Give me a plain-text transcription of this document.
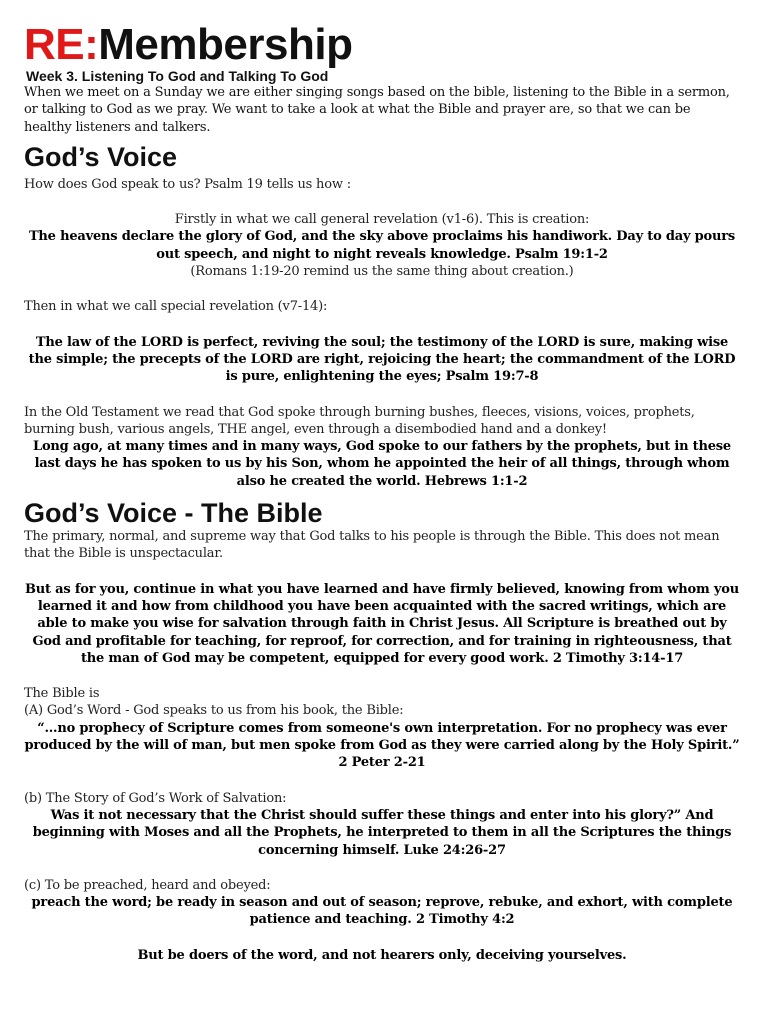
RE:Membership

Week 3. Listening To God and Talking To God

When we meet on a Sunday we are either singing songs based on the bible, listening to the Bible in a sermon, or talking to God as we pray. We want to take a look at what the Bible and prayer are, so that we can be healthy listeners and talkers.

God’s Voice

How does God speak to us? Psalm 19 tells us how :

Firstly in what we call general revelation (v1-6). This is creation:

The heavens declare the glory of God, and the sky above proclaims his handiwork. Day to day pours out speech, and night to night reveals knowledge. Psalm 19:1-2

(Romans 1:19-20 remind us the same thing about creation.)

Then in what we call special revelation (v7-14):

The law of the LORD is perfect, reviving the soul; the testimony of the LORD is sure, making wise the simple; the precepts of the LORD are right, rejoicing the heart; the commandment of the LORD is pure, enlightening the eyes; Psalm 19:7-8

In the Old Testament we read that God spoke through burning bushes, fleeces, visions, voices, prophets, burning bush, various angels, THE angel, even through a disembodied hand and a donkey!

Long ago, at many times and in many ways, God spoke to our fathers by the prophets, but in these last days he has spoken to us by his Son, whom he appointed the heir of all things, through whom also he created the world. Hebrews 1:1-2

God’s Voice - The Bible

The primary, normal, and supreme way that God talks to his people is through the Bible. This does not mean that the Bible is unspectacular.

But as for you, continue in what you have learned and have firmly believed, knowing from whom you learned it and how from childhood you have been acquainted with the sacred writings, which are able to make you wise for salvation through faith in Christ Jesus. All Scripture is breathed out by God and profitable for teaching, for reproof, for correction, and for training in righteousness, that the man of God may be competent, equipped for every good work. 2 Timothy 3:14-17

The Bible is

(A) God’s Word - God speaks to us from his book, the Bible:

“…no prophecy of Scripture comes from someone's own interpretation. For no prophecy was ever produced by the will of man, but men spoke from God as they were carried along by the Holy Spirit.” 2 Peter 2-21

(b) The Story of God’s Work of Salvation:

Was it not necessary that the Christ should suffer these things and enter into his glory?” And beginning with Moses and all the Prophets, he interpreted to them in all the Scriptures the things concerning himself. Luke 24:26-27

(c) To be preached, heard and obeyed:

preach the word; be ready in season and out of season; reprove, rebuke, and exhort, with complete patience and teaching. 2 Timothy 4:2

But be doers of the word, and not hearers only, deceiving yourselves.
